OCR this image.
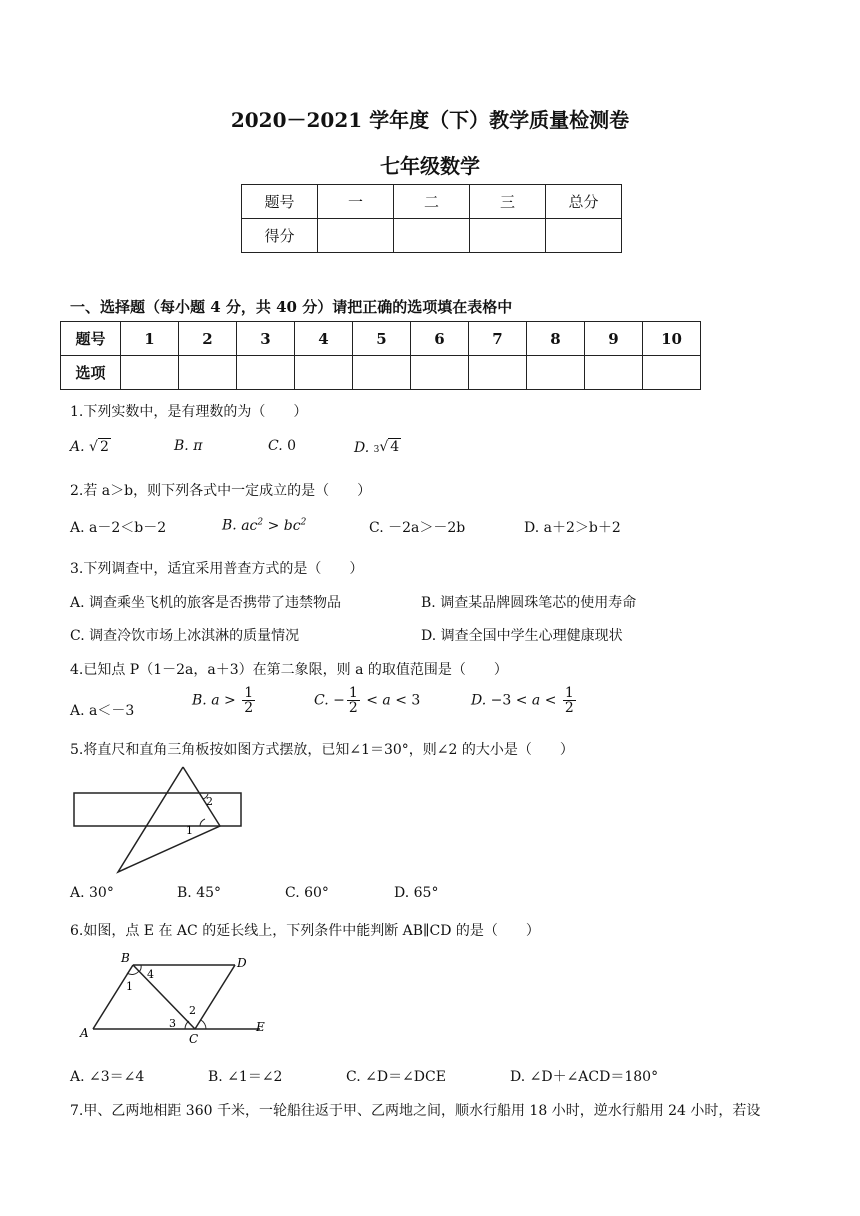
2020－2021 学年度（下）教学质量检测卷
七年级数学
题号	一	二	三	总分
得分				
一、选择题（每小题 4 分，共 40 分）请把正确的选项填在表格中
题号	1	2	3	4	5	6	7	8	9	10
选项										
1.下列实数中，是有理数的为（　　）
A. √ 2	B. π	C. 0	D. 3 √ 4
2.若 a＞b，则下列各式中一定成立的是（　　）
A. a－2＜b－2	B. $ac^2 > bc^2$	C. －2a＞－2b	D. a＋2＞b＋2
3.下列调查中，适宜采用普查方式的是（　　）
A. 调查乘坐飞机的旅客是否携带了违禁物品	B. 调查某品牌圆珠笔芯的使用寿命
C. 调查冷饮市场上冰淇淋的质量情况	D. 调查全国中学生心理健康现状
4.已知点 P（1－2a，a＋3）在第二象限，则 a 的取值范围是（　　）
A. a＜－3
B. $a > \frac{1}{2}$	C. − $\frac{1}{2} < a < 3$	D. $-3 < a < \frac{1}{2}$
5.将直尺和直角三角板按如图方式摆放，已知∠1＝30°，则∠2 的大小是（　　）
2
1
A. 30°	B. 45°	C. 60°	D. 65°
6.如图，点 E 在 AC 的延长线上，下列条件中能判断 AB∥CD 的是（　　）
B	D
A	C
E
1
2
3
4
A. ∠3＝∠4	B. ∠1＝∠2	C. ∠D＝∠DCE	D. ∠D＋∠ACD＝180°
7.甲、乙两地相距 360 千米，一轮船往返于甲、乙两地之间，顺水行船用 18 小时，逆水行船用 24 小时，若设
